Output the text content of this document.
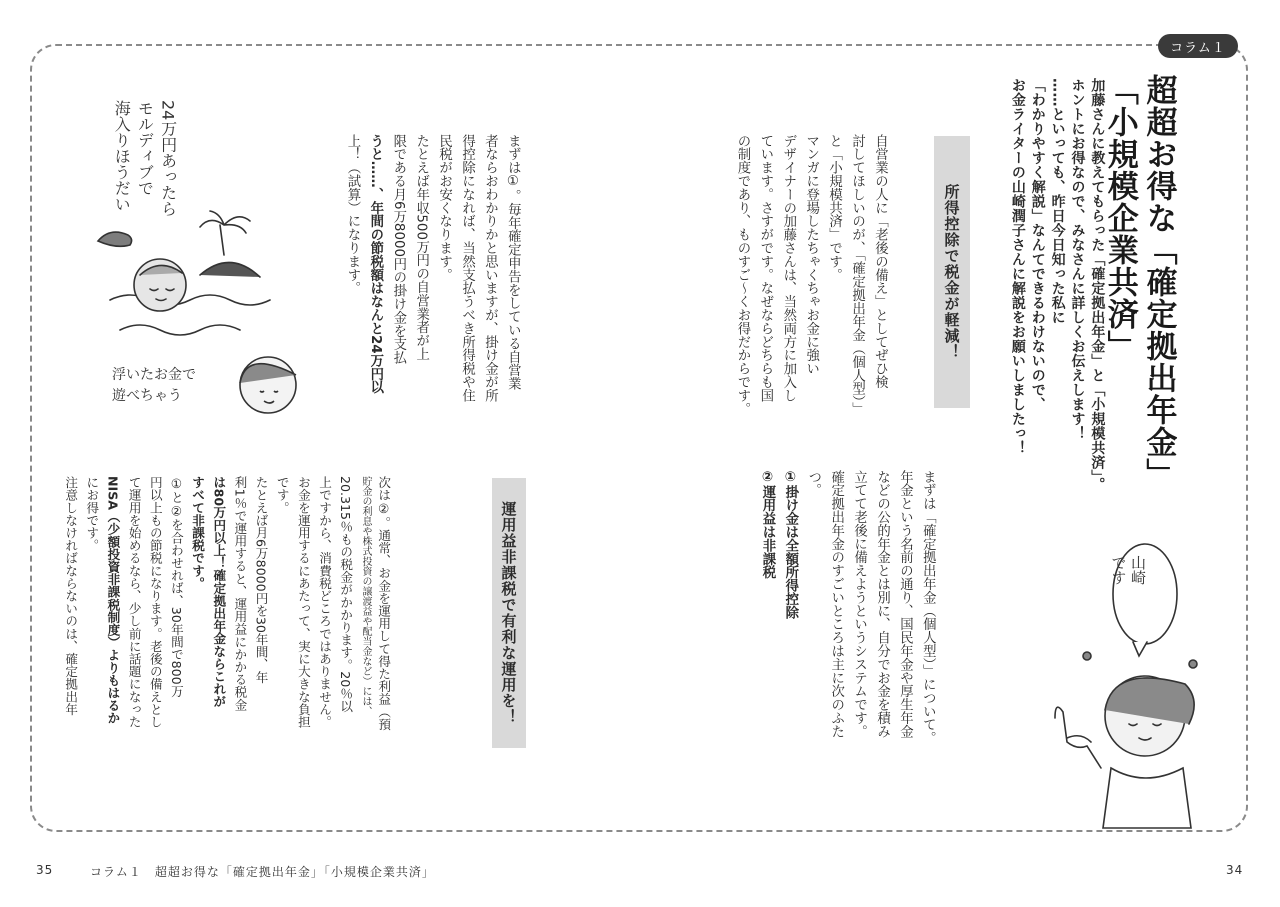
コラム１
超超お得な「確定拠出年金」
「小規模企業共済」
加藤さんに教えてもらった「確定拠出年金」と「小規模共済」。
ホントにお得なので、みなさんに詳しくお伝えします！
……といっても、昨日今日知った私に
「わかりやすく解説」なんてできるわけないので、
お金ライターの山崎潤子さんに解説をお願いしましたっ！
まずは「確定拠出年金（個人型）」について。
年金という名前の通り、国民年金や厚生年金
などの公的年金とは別に、自分でお金を積み
立てて老後に備えようというシステムです。
確定拠出年金のすごいところは主に次のふた
つ。
①掛け金は全額所得控除
②運用益は非課税
所得控除で税金が軽減！
自営業の人に「老後の備え」としてぜひ検
討してほしいのが、「確定拠出年金（個人型）」
と「小規模共済」です。
マンガに登場したちゃくちゃお金に強い
デザイナーの加藤さんは、当然両方に加入し
ています。さすがです。なぜならどちらも国
の制度であり、ものすご〜くお得だからです。
まずは①。毎年確定申告をしている自営業
者ならおわかりかと思いますが、掛け金が所
得控除になれば、当然支払うべき所得税や住
民税がお安くなります。
たとえば年収500万円の自営業者が上
限である月6万8000円の掛け金を支払
うと……、年間の節税額はなんと24万円以
上！（試算）になります。
運用益非課税で有利な運用を！
次は②。通常、お金を運用して得た利益（預
貯金の利息や株式投資の譲渡益や配当金など）には、
20.315％もの税金がかかります。20％以
上ですから、消費税どころではありません。
お金を運用するにあたって、実に大きな負担
です。
たとえば月6万8000円を30年間、年
利1％で運用すると、運用益にかかる税金
は80万円以上！確定拠出年金ならこれが
すべて非課税です。
①と②を合わせれば、30年間で800万
円以上もの節税になります。老後の備えとし
て運用を始めるなら、少し前に話題になった
NISA（少額投資非課税制度）よりもはるか
にお得です。
注意しなければならないのは、確定拠出年
24万円あったら
モルディブで
海入りほうだい
浮いたお金で
遊べちゃう
山崎
です
35	コラム１　超超お得な「確定拠出年金」「小規模企業共済」	34
